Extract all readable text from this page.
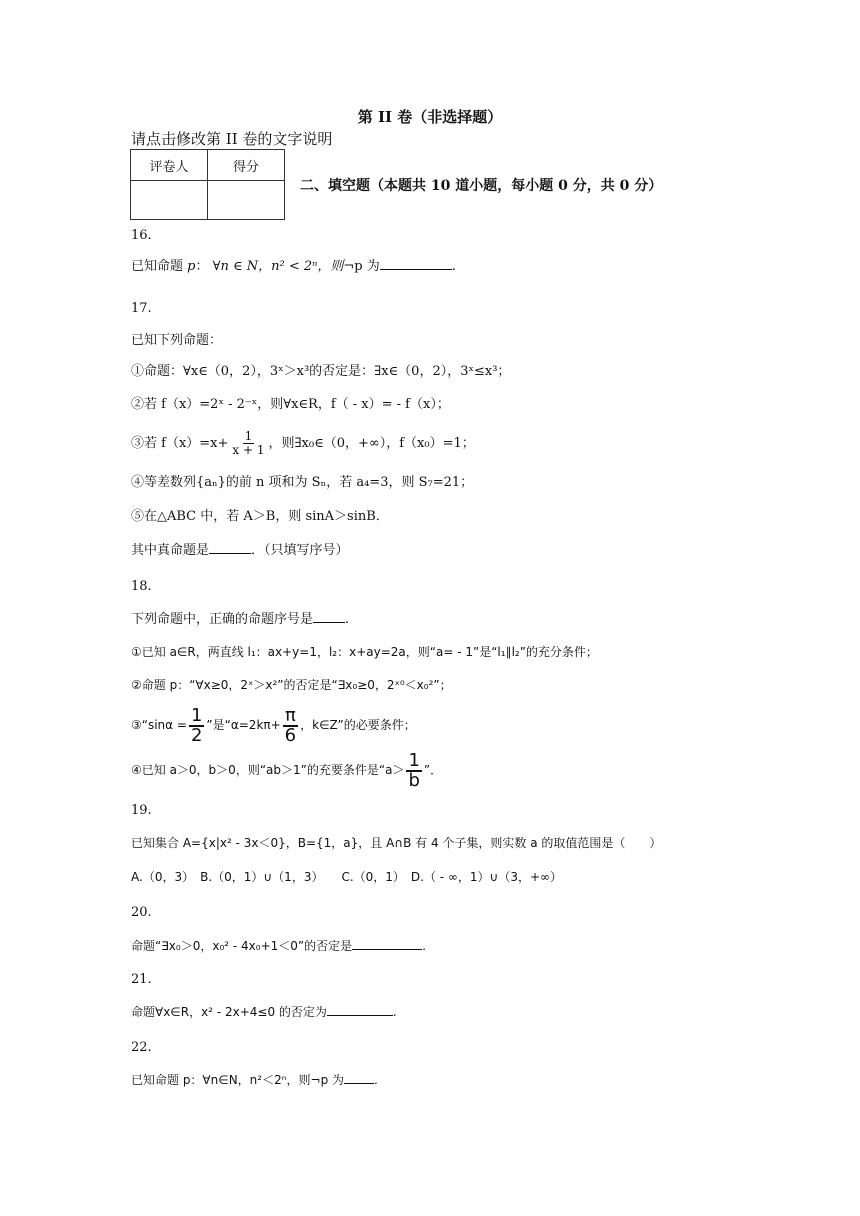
第 II 卷（非选择题）
请点击修改第 II 卷的文字说明
评卷人	得分

二、填空题（本题共 10 道小题，每小题 0 分，共 0 分）
16.
已知命题 p： ∀n ∈ N，n² < 2ⁿ，则¬p 为	.
17.
已知下列命题：
①命题：∀x∈（0，2），3ˣ＞x³的否定是：∃x∈（0，2），3ˣ≤x³；
②若 f（x）=2ˣ - 2⁻ˣ，则∀x∈R，f（ - x）= - f（x）；
③若 $f(x)=x+ \frac{1}{x + 1}$ ，则∃x₀∈（0，+∞），f（x₀）=1；
④等差数列{aₙ}的前 n 项和为 Sₙ，若 a₄=3，则 S₇=21；
⑤在△ABC 中，若 A＞B，则 sinA＞sinB．
其中真命题是	．（只填写序号）
18.
下列命题中，正确的命题序号是 .
①已知 a∈R，两直线 l₁：ax+y=1，l₂：x+ay=2a，则“a= - 1”是“l₁∥l₂”的充分条件；
②命题 p：“∀x≥0，2ˣ＞x²”的否定是“∃x₀≥0，2ˣ⁰＜x₀²”；
③“sinα = $\frac{1}{2}$ ”是“$\alpha=2k\pi+ \frac{\pi}{6}$ ，k∈Z”的必要条件；
④已知 a＞0，b＞0，则“ab＞1”的充要条件是“$a> \frac{1}{b}$ ”．
19.
已知集合 A={x|x² - 3x＜0}，B={1，a}，且 A∩B 有 4 个子集，则实数 a 的取值范围是（　　）
A.（0，3）　B.（0，1）∪（1，3）　　C.（0，1）　D.（ - ∞，1）∪（3，+∞）
20.
命题“∃x₀＞0，x₀² - 4x₀+1＜0”的否定是	.
21.
命题∀x∈R，x² - 2x+4≤0 的否定为	.
22.
已知命题 p：∀n∈N，n²＜2ⁿ，则¬p 为	.
